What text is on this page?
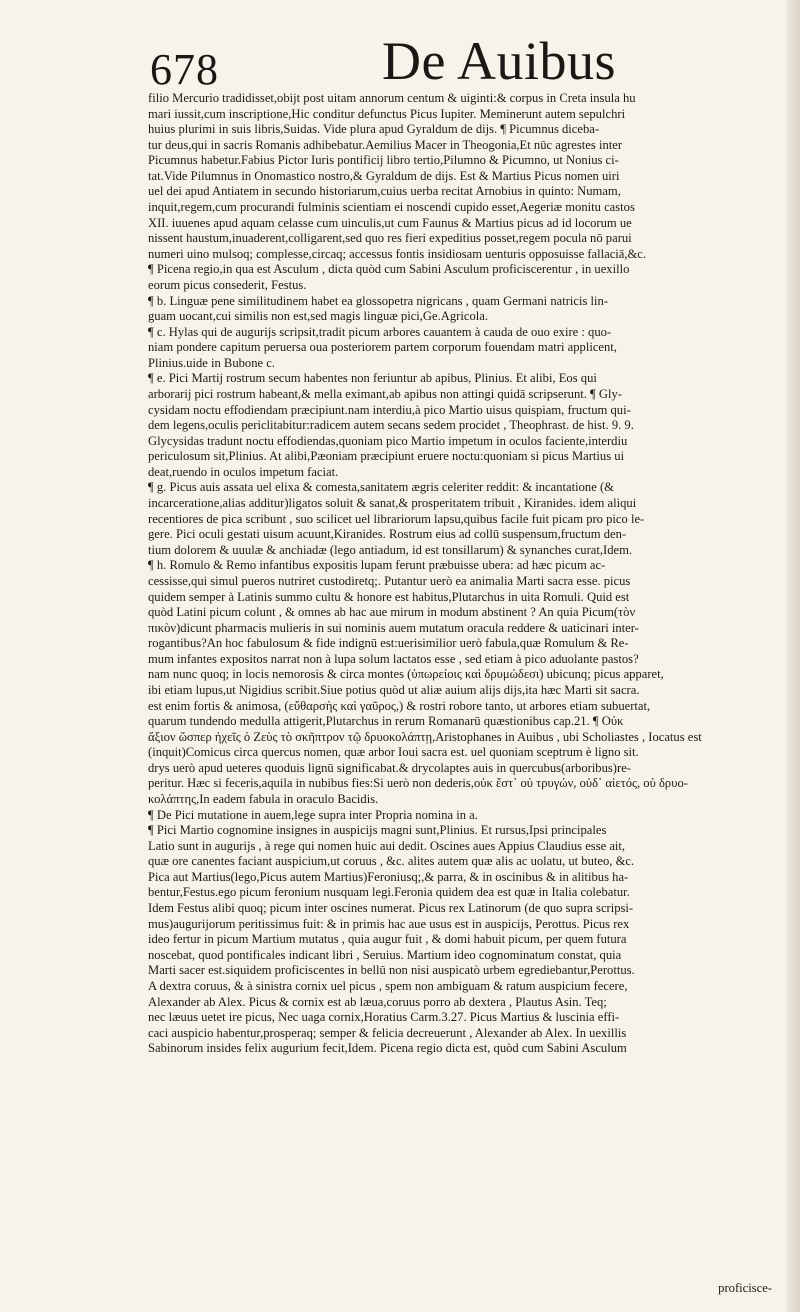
678	De Auibus

filio Mercurio tradidisset,obijt post uitam annorum centum & uiginti:& corpus in Creta insula hu

mari iussit,cum inscriptione,Hic conditur defunctus Picus Iupiter. Meminerunt autem sepulchri

huius plurimi in suis libris,Suidas. Vide plura apud Gyraldum de dijs. ¶ Picumnus diceba-

tur deus,qui in sacris Romanis adhibebatur.Aemilius Macer in Theogonia,Et nūc agrestes inter

Picumnus habetur.Fabius Pictor Iuris pontificij libro tertio,Pilumno & Picumno, ut Nonius ci-

tat.Vide Pilumnus in Onomastico nostro,& Gyraldum de dijs. Est & Martius Picus nomen uiri

uel dei apud Antiatem in secundo historiarum,cuius uerba recitat Arnobius in quinto: Numam,

inquit,regem,cum procurandi fulminis scientiam ei noscendi cupido esset,Aegeriæ monitu castos

XII. iuuenes apud aquam celasse cum uinculis,ut cum Faunus & Martius picus ad id locorum ue

nissent haustum,inuaderent,colligarent,sed quo res fieri expeditius posset,regem pocula nō parui

numeri uino mulsoq; complesse,circaq; accessus fontis insidiosam uenturis opposuisse fallaciā,&c.

¶ Picena regio,in qua est Asculum , dicta quòd cum Sabini Asculum proficiscerentur , in uexillo

eorum picus consederit, Festus.

¶ b. Linguæ pene similitudinem habet ea glossopetra nigricans , quam Germani natricis lin-

guam uocant,cui similis non est,sed magis linguæ pici,Ge.Agricola.

¶ c. Hylas qui de augurijs scripsit,tradit picum arbores cauantem à cauda de ouo exire : quo-

niam pondere capitum peruersa oua posteriorem partem corporum fouendam matri applicent,

Plinius.uide in Bubone c.

¶ e. Pici Martij rostrum secum habentes non feriuntur ab apibus, Plinius. Et alibi, Eos qui

arborarij pici rostrum habeant,& mella eximant,ab apibus non attingi quidā scripserunt. ¶ Gly-

cysidam noctu effodiendam præcipiunt.nam interdiu,à pico Martio uisus quispiam, fructum qui-

dem legens,oculis periclitabitur:radicem autem secans sedem procidet , Theophrast. de hist. 9. 9.

Glycysidas tradunt noctu effodiendas,quoniam pico Martio impetum in oculos faciente,interdiu

periculosum sit,Plinius. At alibi,Pæoniam præcipiunt eruere noctu:quoniam si picus Martius ui

deat,ruendo in oculos impetum faciat.

¶ g. Picus auis assata uel elixa & comesta,sanitatem ægris celeriter reddit: & incantatione (&

incarceratione,alias additur)ligatos soluit & sanat,& prosperitatem tribuit , Kiranides. idem aliqui

recentiores de pica scribunt , suo scilicet uel librariorum lapsu,quibus facile fuit picam pro pico le-

gere. Pici oculi gestati uisum acuunt,Kiranides. Rostrum eius ad collū suspensum,fructum den-

tium dolorem & uuulæ & anchiadæ (lego antiadum, id est tonsillarum) & synanches curat,Idem.

¶ h. Romulo & Remo infantibus expositis lupam ferunt præbuisse ubera: ad hæc picum ac-

cessisse,qui simul pueros nutriret custodiretq;. Putantur uerò ea animalia Marti sacra esse. picus

quidem semper à Latinis summo cultu & honore est habitus,Plutarchus in uita Romuli. Quid est

quòd Latini picum colunt , & omnes ab hac aue mirum in modum abstinent ? An quia Picum(τὸν

πικὸν)dicunt pharmacis mulieris in sui nominis auem mutatum oracula reddere & uaticinari inter-

rogantibus?An hoc fabulosum & fide indignū est:uerisimilior uerò fabula,quæ Romulum & Re-

mum infantes expositos narrat non à lupa solum lactatos esse , sed etiam à pico aduolante pastos?

nam nunc quoq; in locis nemorosis & circa montes (ὑπωρείοις καὶ δρυμώδεσι) ubicunq; picus apparet,

ibi etiam lupus,ut Nigidius scribit.Siue potius quòd ut aliæ auium alijs dijs,ita hæc Marti sit sacra.

est enim fortis & animosa, (εὔθαρσὴς καὶ γαῦρος,) & rostri robore tanto, ut arbores etiam subuertat,

quarum tundendo medulla attigerit,Plutarchus in rerum Romanarū quæstionibus cap.21. ¶ Οὐκ

ἄξιον ὥσπερ ἠχεῖς ὁ Ζεὺς τὸ σκῆπτρον τῷ δρυοκολάπτῃ,Aristophanes in Auibus , ubi Scholiastes , Iocatus est

(inquit)Comicus circa quercus nomen, quæ arbor Ioui sacra est. uel quoniam sceptrum è ligno sit.

drys uerò apud ueteres quoduis lignū significabat.& drycolaptes auis in quercubus(arboribus)re-

peritur. Hæc si feceris,aquila in nubibus fies:Si uerò non dederis,οὐκ ἔστ᾽ οὐ τρυγών, οὐδ᾽ αἰετός, οὐ δρυο-

κολάπτης,In eadem fabula in oraculo Bacidis.

¶ De Pici mutatione in auem,lege supra inter Propria nomina in a.

¶ Pici Martio cognomine insignes in auspicijs magni sunt,Plinius. Et rursus,Ipsi principales

Latio sunt in augurijs , à rege qui nomen huic aui dedit. Oscines aues Appius Claudius esse ait,

quæ ore canentes faciant auspicium,ut coruus , &c. alites autem quæ alis ac uolatu, ut buteo, &c.

Pica aut Martius(lego,Picus autem Martius)Feroniusq;,& parra, & in oscinibus & in alitibus ha-

bentur,Festus.ego picum feronium nusquam legi.Feronia quidem dea est quæ in Italia colebatur.

Idem Festus alibi quoq; picum inter oscines numerat. Picus rex Latinorum (de quo supra scripsi-

mus)augurijorum peritissimus fuit: & in primis hac aue usus est in auspicijs, Perottus. Picus rex

ideo fertur in picum Martium mutatus , quia augur fuit , & domi habuit picum, per quem futura

noscebat, quod pontificales indicant libri , Seruius. Martium ideo cognominatum constat, quia

Marti sacer est.siquidem proficiscentes in bellū non nisi auspicatò urbem egrediebantur,Perottus.

A dextra coruus, & à sinistra cornix uel picus , spem non ambiguam & ratum auspicium fecere,

Alexander ab Alex. Picus & cornix est ab læua,coruus porro ab dextera , Plautus Asin. Teq;

nec læuus uetet ire picus, Nec uaga cornix,Horatius Carm.3.27. Picus Martius & luscinia effi-

caci auspicio habentur,prosperaq; semper & felicia decreuerunt , Alexander ab Alex. In uexillis

Sabinorum insides felix augurium fecit,Idem. Picena regio dicta est, quòd cum Sabini Asculum

proficisce-
